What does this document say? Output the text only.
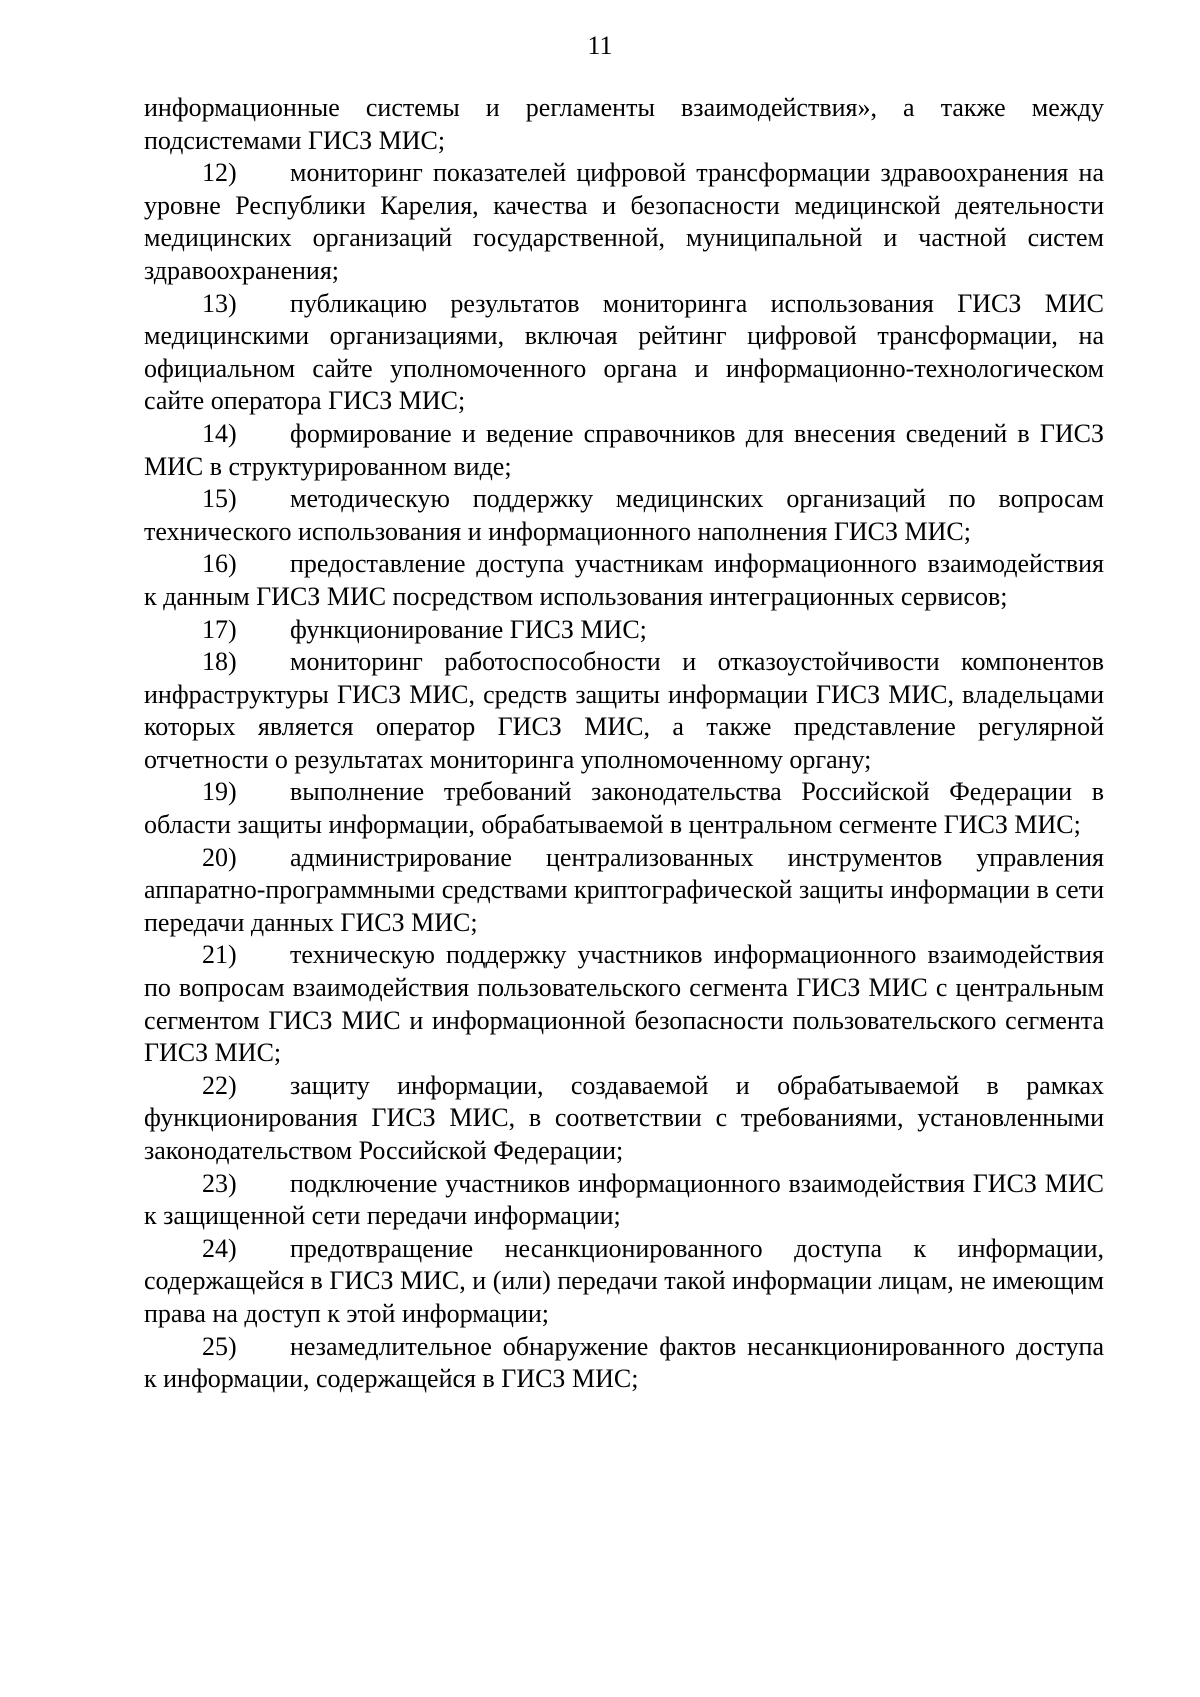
11

информационные системы и регламенты взаимодействия», а также между подсистемами ГИСЗ МИС;

12) мониторинг показателей цифровой трансформации здравоохранения на уровне Республики Карелия, качества и безопасности медицинской деятельности медицинских организаций государственной, муниципальной и частной систем здравоохранения;

13) публикацию результатов мониторинга использования ГИСЗ МИС медицинскими организациями, включая рейтинг цифровой трансформации, на официальном сайте уполномоченного органа и информационно-технологическом сайте оператора ГИСЗ МИС;

14) формирование и ведение справочников для внесения сведений в ГИСЗ МИС в структурированном виде;

15) методическую поддержку медицинских организаций по вопросам технического использования и информационного наполнения ГИСЗ МИС;

16) предоставление доступа участникам информационного взаимодействия к данным ГИСЗ МИС посредством использования интеграционных сервисов;

17) функционирование ГИСЗ МИС;

18) мониторинг работоспособности и отказоустойчивости компонентов инфраструктуры ГИСЗ МИС, средств защиты информации ГИСЗ МИС, владельцами которых является оператор ГИСЗ МИС, а также представление регулярной отчетности о результатах мониторинга уполномоченному органу;

19) выполнение требований законодательства Российской Федерации в области защиты информации, обрабатываемой в центральном сегменте ГИСЗ МИС;

20) администрирование централизованных инструментов управления аппаратно-программными средствами криптографической защиты информации в сети передачи данных ГИСЗ МИС;

21) техническую поддержку участников информационного взаимодействия по вопросам взаимодействия пользовательского сегмента ГИСЗ МИС с центральным сегментом ГИСЗ МИС и информационной безопасности пользовательского сегмента ГИСЗ МИС;

22) защиту информации, создаваемой и обрабатываемой в рамках функционирования ГИСЗ МИС, в соответствии с требованиями, установленными законодательством Российской Федерации;

23) подключение участников информационного взаимодействия ГИСЗ МИС к защищенной сети передачи информации;

24) предотвращение несанкционированного доступа к информации, содержащейся в ГИСЗ МИС, и (или) передачи такой информации лицам, не имеющим права на доступ к этой информации;

25) незамедлительное обнаружение фактов несанкционированного доступа к информации, содержащейся в ГИСЗ МИС;
